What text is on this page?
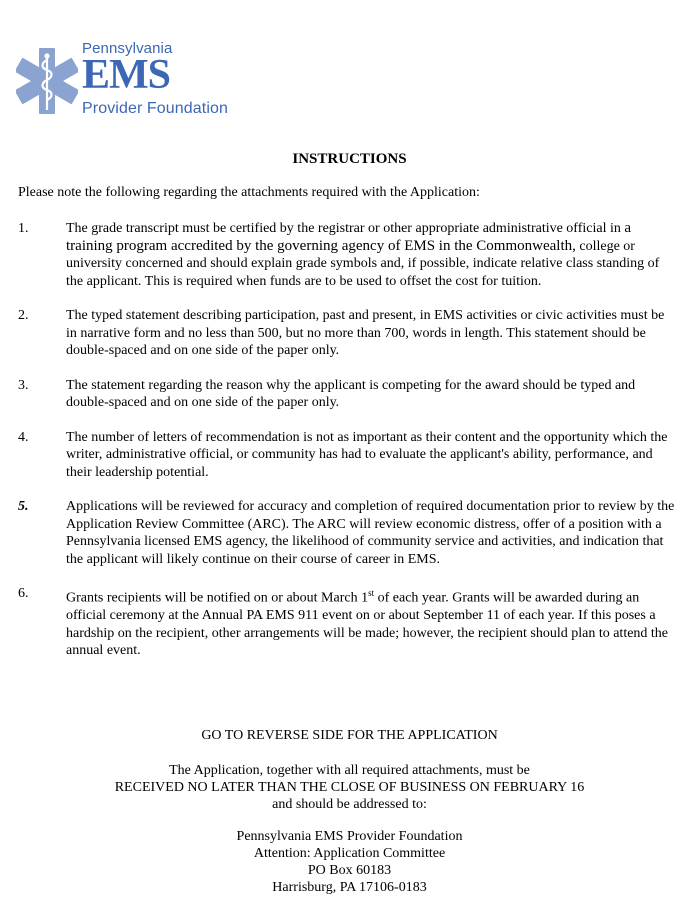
Pennsylvania
EMS
Provider Foundation
INSTRUCTIONS
Please note the following regarding the attachments required with the Application:
1.	The grade transcript must be certified by the registrar or other appropriate administrative official in a training program accredited by the governing agency of EMS in the Commonwealth, college or university concerned and should explain grade symbols and, if possible, indicate relative class standing of the applicant. This is required when funds are to be used to offset the cost for tuition.
2.	The typed statement describing participation, past and present, in EMS activities or civic activities must be in narrative form and no less than 500, but no more than 700, words in length. This statement should be double-spaced and on one side of the paper only.
3.	The statement regarding the reason why the applicant is competing for the award should be typed and double-spaced and on one side of the paper only.
4.	The number of letters of recommendation is not as important as their content and the opportunity which the writer, administrative official, or community has had to evaluate the applicant's ability, performance, and their leadership potential.
5.	Applications will be reviewed for accuracy and completion of required documentation prior to review by the Application Review Committee (ARC). The ARC will review economic distress, offer of a position with a Pennsylvania licensed EMS agency, the likelihood of community service and activities, and indication that the applicant will likely continue on their course of career in EMS.
6.	Grants recipients will be notified on or about March 1st of each year. Grants will be awarded during an official ceremony at the Annual PA EMS 911 event on or about September 11 of each year. If this poses a hardship on the recipient, other arrangements will be made; however, the recipient should plan to attend the annual event.
GO TO REVERSE SIDE FOR THE APPLICATION
The Application, together with all required attachments, must be
RECEIVED NO LATER THAN THE CLOSE OF BUSINESS ON FEBRUARY 16
and should be addressed to:
Pennsylvania EMS Provider Foundation
Attention: Application Committee
PO Box 60183
Harrisburg, PA 17106-0183
